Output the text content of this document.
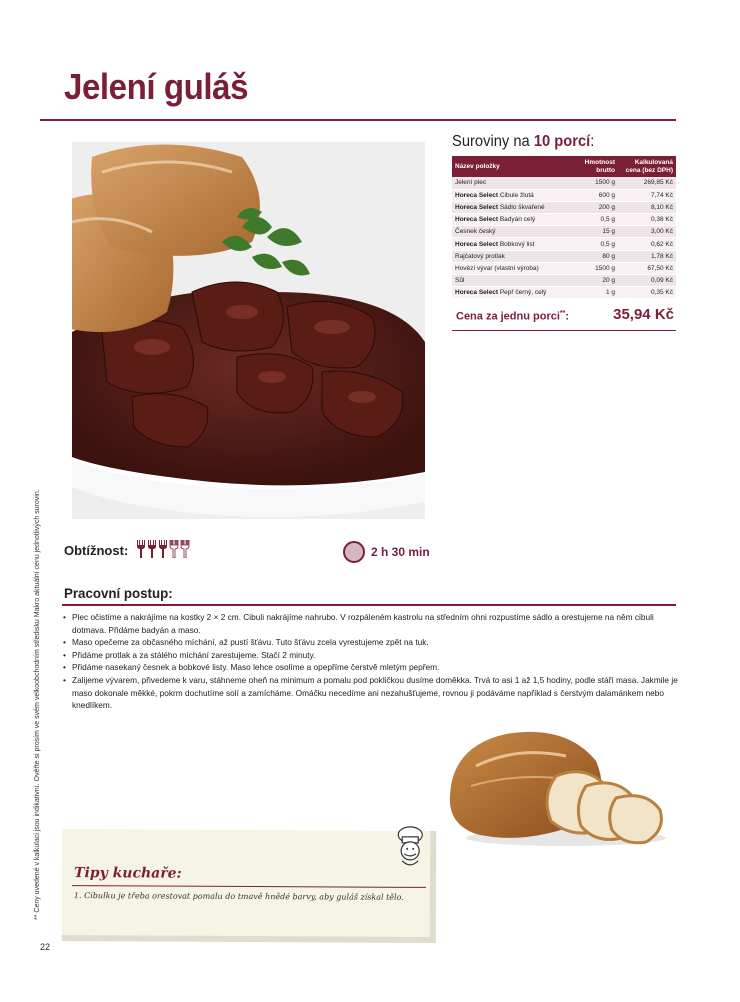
Jelení guláš
** Ceny uvedené v kalkulaci jsou indikativní. Ověřte si prosím ve svém velkoobchodním středisku Makro aktuální cenu jednotlivých surovin.
Suroviny na 10 porcí:
Název položky	Hmotnost brutto	Kalkulovaná cena (bez DPH)
Jelení plec	1500 g	269,85 Kč
Horeca Select Cibule žlutá	600 g	7,74 Kč
Horeca Select Sádlo škvařené	200 g	8,10 Kč
Horeca Select Badyán celý	0,5 g	0,38 Kč
Česnek český	15 g	3,00 Kč
Horeca Select Bobkový list	0,5 g	0,62 Kč
Rajčatový protlak	80 g	1,78 Kč
Hovězí vývar (vlastní výroba)	1500 g	67,50 Kč
Sůl	20 g	0,09 Kč
Horeca Select Pepř černý, celý	1 g	0,35 Kč
Cena za jednu porci**:	35,94 Kč
Obtížnost:	2 h 30 min
Pracovní postup:
• Plec očistíme a nakrájíme na kostky 2 × 2 cm. Cibuli nakrájíme nahrubo. V rozpáleném kastrolu na středním ohni rozpustíme sádlo a orestujeme na něm cibuli dotmava. Přidáme badyán a maso.
• Maso opečeme za občasného míchání, až pustí šťávu. Tuto šťávu zcela vyrestujeme zpět na tuk.
• Přidáme protlak a za stálého míchání zarestujeme. Stačí 2 minuty.
• Přidáme nasekaný česnek a bobkové listy. Maso lehce osolíme a opepříme čerstvě mletým pepřem.
• Zalijeme vývarem, přivedeme k varu, stáhneme oheň na minimum a pomalu pod pokličkou dusíme doměkka. Trvá to asi 1 až 1,5 hodiny, podle stáří masa. Jakmile je maso dokonale měkké, pokrm dochutíme solí a zamícháme. Omáčku necedíme ani nezahušťujeme, rovnou ji podáváme například s čerstvým dalamánkem nebo knedlíkem.
Tipy kuchaře:
1. Cibulku je třeba orestovat pomalu do tmavě hnědé barvy, aby guláš získal tělo.
22
